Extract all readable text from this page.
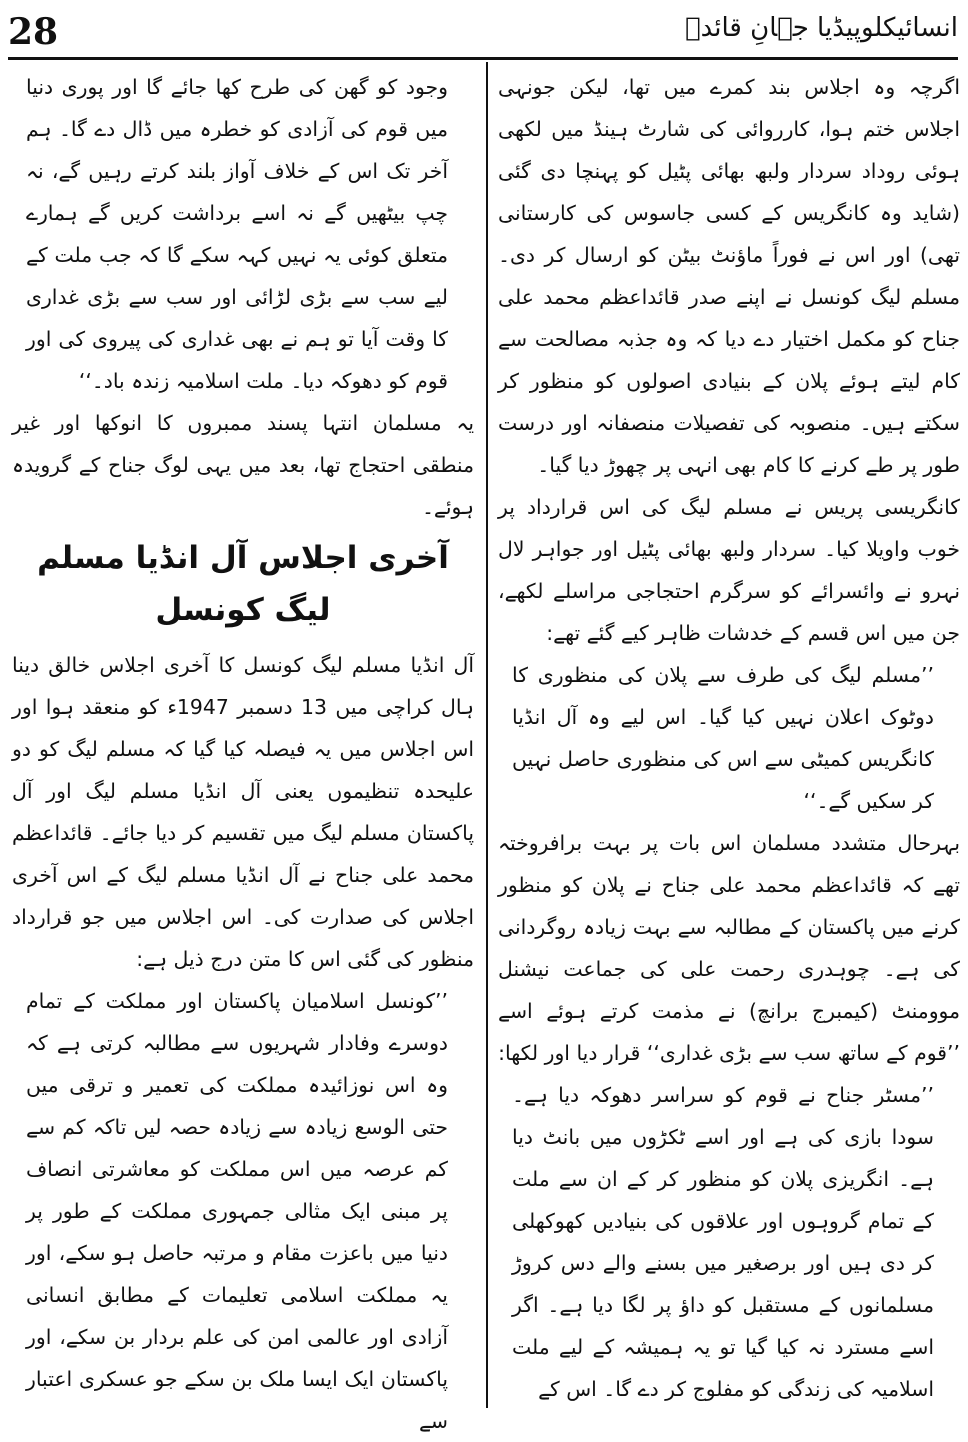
28	انسائیکلوپیڈیا جہانِ قائدؒ

اگرچہ وہ اجلاس بند کمرے میں تھا، لیکن جونہی اجلاس ختم ہوا، کارروائی کی شارٹ ہینڈ میں لکھی ہوئی روداد سردار ولبھ بھائی پٹیل کو پہنچا دی گئی (شاید وہ کانگریس کے کسی جاسوس کی کارستانی تھی) اور اس نے فوراً ماؤنٹ بیٹن کو ارسال کر دی۔ مسلم لیگ کونسل نے اپنے صدر قائداعظم محمد علی جناح کو مکمل اختیار دے دیا کہ وہ جذبہ مصالحت سے کام لیتے ہوئے پلان کے بنیادی اصولوں کو منظور کر سکتے ہیں۔ منصوبہ کی تفصیلات منصفانہ اور درست طور پر طے کرنے کا کام بھی انہی پر چھوڑ دیا گیا۔

کانگریسی پریس نے مسلم لیگ کی اس قرارداد پر خوب واویلا کیا۔ سردار ولبھ بھائی پٹیل اور جواہر لال نہرو نے وائسرائے کو سرگرم احتجاجی مراسلے لکھے، جن میں اس قسم کے خدشات ظاہر کیے گئے تھے:

’’مسلم لیگ کی طرف سے پلان کی منظوری کا دوٹوک اعلان نہیں کیا گیا۔ اس لیے وہ آل انڈیا کانگریس کمیٹی سے اس کی منظوری حاصل نہیں کر سکیں گے۔‘‘

بہرحال متشدد مسلمان اس بات پر بہت برافروختہ تھے کہ قائداعظم محمد علی جناح نے پلان کو منظور کرنے میں پاکستان کے مطالبہ سے بہت زیادہ روگردانی کی ہے۔ چوہدری رحمت علی کی جماعت نیشنل موومنٹ (کیمبرج برانچ) نے مذمت کرتے ہوئے اسے ’’قوم کے ساتھ سب سے بڑی غداری‘‘ قرار دیا اور لکھا:

’’مسٹر جناح نے قوم کو سراسر دھوکہ دیا ہے۔ سودا بازی کی ہے اور اسے ٹکڑوں میں بانٹ دیا ہے۔ انگریزی پلان کو منظور کر کے ان سے ملت کے تمام گروہوں اور علاقوں کی بنیادیں کھوکھلی کر دی ہیں اور برصغیر میں بسنے والے دس کروڑ مسلمانوں کے مستقبل کو داؤ پر لگا دیا ہے۔ اگر اسے مسترد نہ کیا گیا تو یہ ہمیشہ کے لیے ملت اسلامیہ کی زندگی کو مفلوج کر دے گا۔ اس کے

وجود کو گھن کی طرح کھا جائے گا اور پوری دنیا میں قوم کی آزادی کو خطرہ میں ڈال دے گا۔ ہم آخر تک اس کے خلاف آواز بلند کرتے رہیں گے، نہ چپ بیٹھیں گے نہ اسے برداشت کریں گے ہمارے متعلق کوئی یہ نہیں کہہ سکے گا کہ جب ملت کے لیے سب سے بڑی لڑائی اور سب سے بڑی غداری کا وقت آیا تو ہم نے بھی غداری کی پیروی کی اور قوم کو دھوکہ دیا۔ ملت اسلامیہ زندہ باد۔‘‘

یہ مسلمان انتہا پسند ممبروں کا انوکھا اور غیر منطقی احتجاج تھا، بعد میں یہی لوگ جناح کے گرویدہ ہوئے۔

آخری اجلاس آل انڈیا مسلم لیگ کونسل

آل انڈیا مسلم لیگ کونسل کا آخری اجلاس خالق دینا ہال کراچی میں 13 دسمبر 1947ء کو منعقد ہوا اور اس اجلاس میں یہ فیصلہ کیا گیا کہ مسلم لیگ کو دو علیحدہ تنظیموں یعنی آل انڈیا مسلم لیگ اور آل پاکستان مسلم لیگ میں تقسیم کر دیا جائے۔ قائداعظم محمد علی جناح نے آل انڈیا مسلم لیگ کے اس آخری اجلاس کی صدارت کی۔ اس اجلاس میں جو قرارداد منظور کی گئی اس کا متن درج ذیل ہے:

’’کونسل اسلامیان پاکستان اور مملکت کے تمام دوسرے وفادار شہریوں سے مطالبہ کرتی ہے کہ وہ اس نوزائیدہ مملکت کی تعمیر و ترقی میں حتی الوسع زیادہ سے زیادہ حصہ لیں تاکہ کم سے کم عرصہ میں اس مملکت کو معاشرتی انصاف پر مبنی ایک مثالی جمہوری مملکت کے طور پر دنیا میں باعزت مقام و مرتبہ حاصل ہو سکے، اور یہ مملکت اسلامی تعلیمات کے مطابق انسانی آزادی اور عالمی امن کی علم بردار بن سکے، اور پاکستان ایک ایسا ملک بن سکے جو عسکری اعتبار سے
